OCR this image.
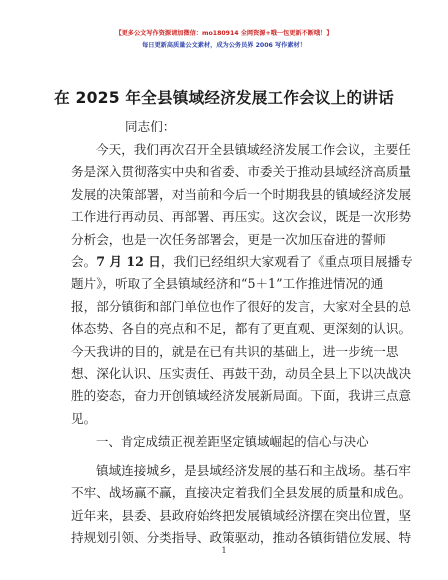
【更多公文写作资源请加微信：mo180914 全网资源+哦一包更新不断哦！】
每日更新高质量公文素材，成为公务员界 2006 写作素材！
在 2025 年全县镇域经济发展工作会议上的讲话
同志们：
今天，我们再次召开全县镇域经济发展工作会议，主要任
务是深入贯彻落实中央和省委、市委关于推动县域经济高质量
发展的决策部署，对当前和今后一个时期我县的镇域经济发展
工作进行再动员、再部署、再压实。这次会议，既是一次形势
分析会，也是一次任务部署会，更是一次加压奋进的誓师
会。7 月 12 日，我们已经组织大家观看了《重点项目展播专
题片》，听取了全县镇域经济和“5＋1”工作推进情况的通
报，部分镇街和部门单位也作了很好的发言，大家对全县的总
体态势、各自的亮点和不足，都有了更直观、更深刻的认识。
今天我讲的目的，就是在已有共识的基础上，进一步统一思
想、深化认识、压实责任、再鼓干劲，动员全县上下以决战决
胜的姿态，奋力开创镇域经济发展新局面。下面，我讲三点意
见。
一、肯定成绩正视差距坚定镇域崛起的信心与决心
镇域连接城乡，是县域经济发展的基石和主战场。基石牢
不牢、战场赢不赢，直接决定着我们全县发展的质量和成色。
近年来，县委、县政府始终把发展镇域经济摆在突出位置，坚
持规划引领、分类指导、政策驱动，推动各镇街错位发展、特
1
